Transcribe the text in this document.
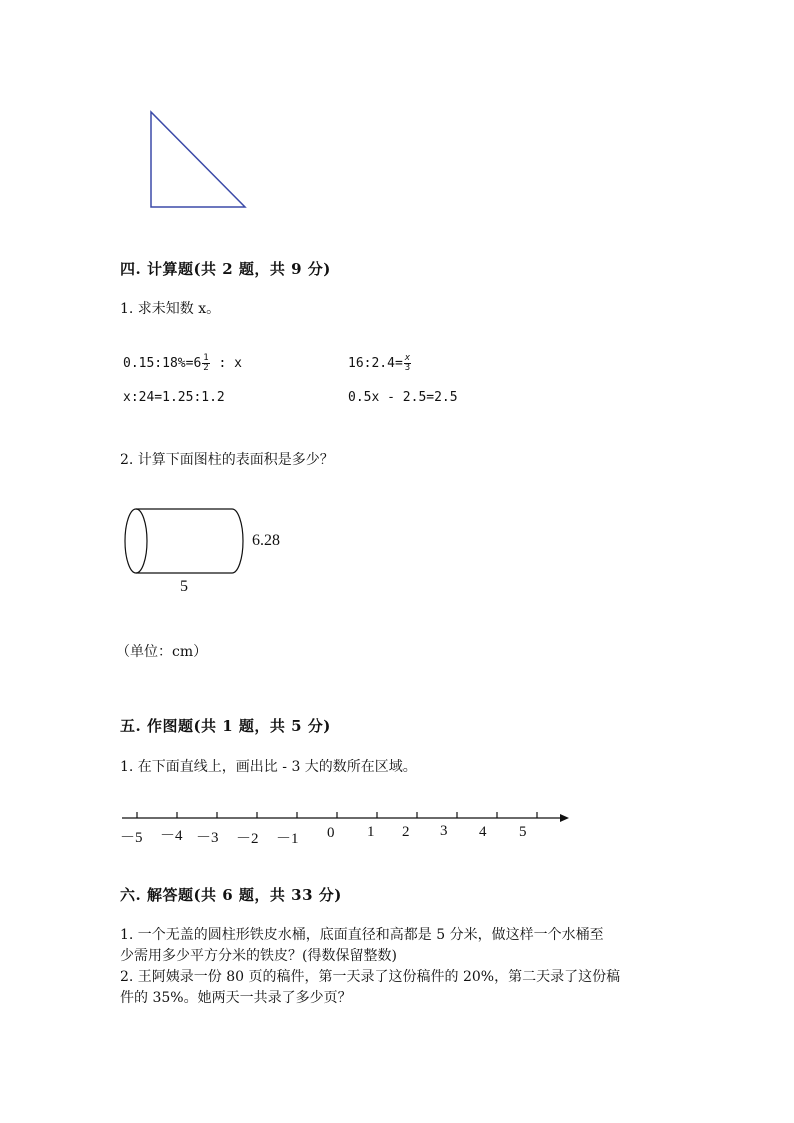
四. 计算题(共 2 题，共 9 分)
1. 求未知数 x。
0.15:18%=6 $\frac{1}{2}$ : x	16:2.4= $\frac{x}{3}$
x:24=1.25:1.2	0.5x - 2.5=2.5
2. 计算下面图柱的表面积是多少？
6.28
5
（单位：cm）
五. 作图题(共 1 题，共 5 分)
1. 在下面直线上，画出比 - 3 大的数所在区域。
－5 －4 －3 －2 －1 0 1 2 3 4 5
六. 解答题(共 6 题，共 33 分)
1. 一个无盖的圆柱形铁皮水桶，底面直径和高都是 5 分米，做这样一个水桶至
少需用多少平方分米的铁皮？(得数保留整数)
2. 王阿姨录一份 80 页的稿件，第一天录了这份稿件的 20%，第二天录了这份稿
件的 35%。她两天一共录了多少页？
